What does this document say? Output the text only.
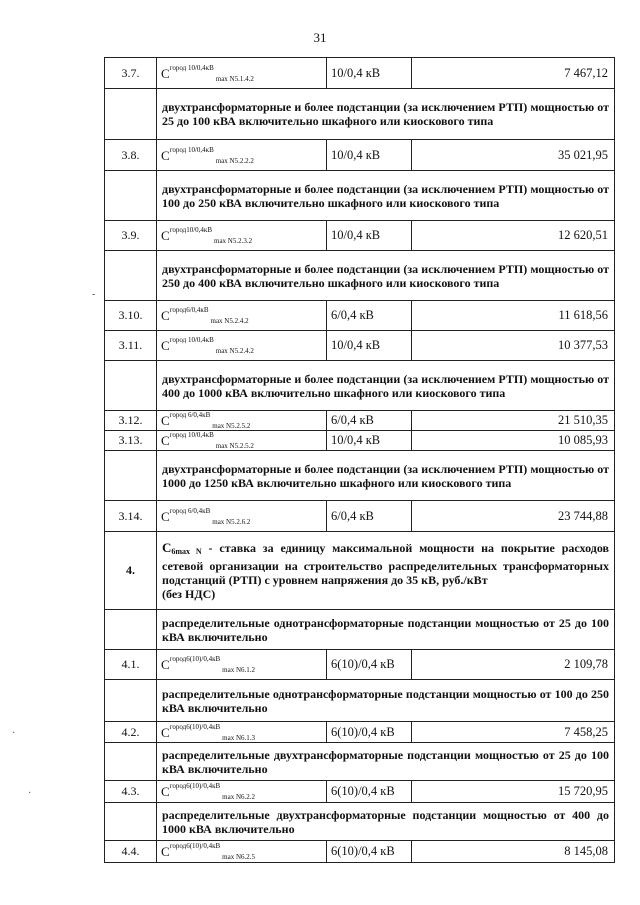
31
-
·
·
3.7.	$C^{город 10/0,4кВ}_{max N5.1.4.2}$	10/0,4 кВ	7 467,12
	двухтрансформаторные и более подстанции (за исключением РТП) мощностью от 25 до 100 кВА включительно шкафного или киоскового типа		
3.8.	$C^{город 10/0,4кВ}_{max N5.2.2.2}$	10/0,4 кВ	35 021,95
	двухтрансформаторные и более подстанции (за исключением РТП) мощностью от 100 до 250 кВА включительно шкафного или киоскового типа		
3.9.	$C^{город10/0,4кВ}_{max N5.2.3.2}$	10/0,4 кВ	12 620,51
	двухтрансформаторные и более подстанции (за исключением РТП) мощностью от 250 до 400 кВА включительно шкафного или киоскового типа		
3.10.	$C^{город6/0,4кВ}_{max N5.2.4.2}$	6/0,4 кВ	11 618,56
3.11.	$C^{город 10/0,4кВ}_{max N5.2.4.2}$	10/0,4 кВ	10 377,53
	двухтрансформаторные и более подстанции (за исключением РТП) мощностью от 400 до 1000 кВА включительно шкафного или киоскового типа		
3.12.	$C^{город 6/0,4кВ}_{max N5.2.5.2}$	6/0,4 кВ	21 510,35
3.13.	$C^{город 10/0,4кВ}_{max N5.2.5.2}$	10/0,4 кВ	10 085,93
	двухтрансформаторные и более подстанции (за исключением РТП) мощностью от 1000 до 1250 кВА включительно шкафного или киоскового типа		
3.14.	$C^{город 6/0,4кВ}_{max N5.2.6.2}$	6/0,4 кВ	23 744,88
4.	С6max N - ставка за единицу максимальной мощности на покрытие расходов сетевой организации на строительство распределительных трансформаторных подстанций (РТП) с уровнем напряжения до 35 кВ, руб./кВт
(без НДС)		
	распределительные однотрансформаторные подстанции мощностью от 25 до 100 кВА включительно		
4.1.	$C^{город6(10)/0,4кВ}_{max N6.1.2}$	6(10)/0,4 кВ	2 109,78
	распределительные однотрансформаторные подстанции мощностью от 100 до 250 кВА включительно		
4.2.	$C^{город6(10)/0,4кВ}_{max N6.1.3}$	6(10)/0,4 кВ	7 458,25
	распределительные двухтрансформаторные подстанции мощностью от 25 до 100 кВА включительно		
4.3.	$C^{город6(10)/0,4кВ}_{max N6.2.2}$	6(10)/0,4 кВ	15 720,95
	распределительные двухтрансформаторные подстанции мощностью от 400 до 1000 кВА включительно		
4.4.	$C^{город6(10)/0,4кВ}_{max N6.2.5}$	6(10)/0,4 кВ	8 145,08
